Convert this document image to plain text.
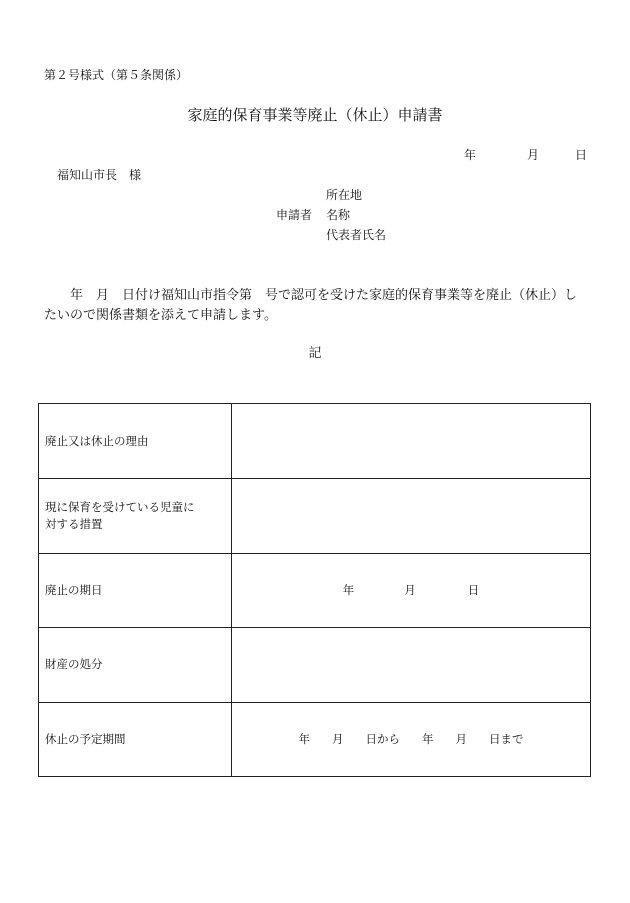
第２号様式（第５条関係）
家庭的保育事業等廃止（休止）申請書
年	月	日
福知山市長　様
所在地
申請者 名称
代表者氏名
年　月　日付け福知山市指令第　号で認可を受けた家庭的保育事業等を廃止（休止）し
たいので関係書類を添えて申請します。
記
廃止又は休止の理由	

現に保育を受けている児童に
対する措置	

廃止の期日	年 月 日
財産の処分	
休止の予定期間	年 月 日から 年 月 日まで
